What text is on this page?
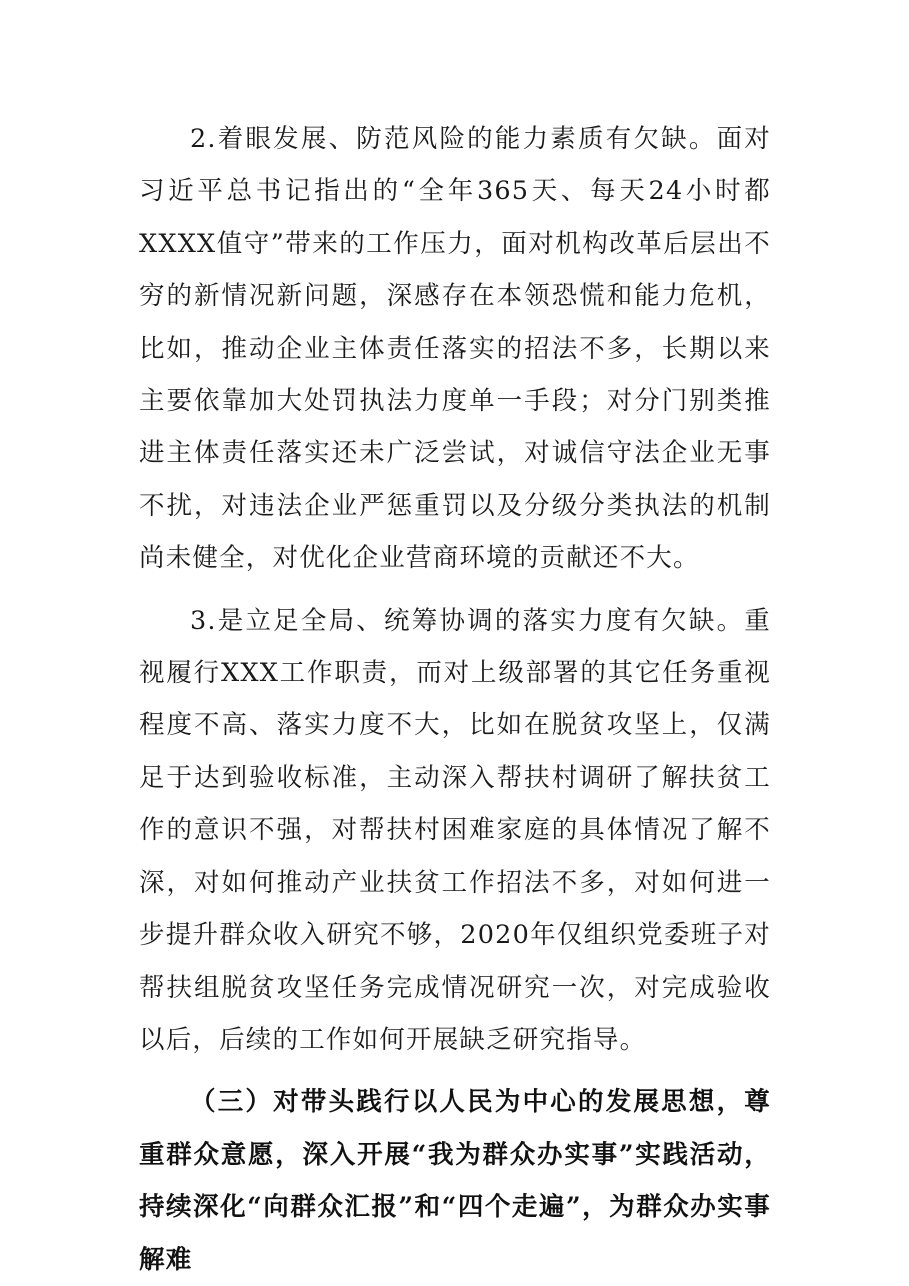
2.着眼发展、防范风险的能力素质有欠缺。面对习近平总书记指出的“全年365天、每天24小时都XXXX值守”带来的工作压力，面对机构改革后层出不穷的新情况新问题，深感存在本领恐慌和能力危机，比如，推动企业主体责任落实的招法不多，长期以来主要依靠加大处罚执法力度单一手段；对分门别类推进主体责任落实还未广泛尝试，对诚信守法企业无事不扰，对违法企业严惩重罚以及分级分类执法的机制尚未健全，对优化企业营商环境的贡献还不大。

3.是立足全局、统筹协调的落实力度有欠缺。重视履行XXX工作职责，而对上级部署的其它任务重视程度不高、落实力度不大，比如在脱贫攻坚上，仅满足于达到验收标准，主动深入帮扶村调研了解扶贫工作的意识不强，对帮扶村困难家庭的具体情况了解不深，对如何推动产业扶贫工作招法不多，对如何进一步提升群众收入研究不够，2020年仅组织党委班子对帮扶组脱贫攻坚任务完成情况研究一次，对完成验收以后，后续的工作如何开展缺乏研究指导。

（三）对带头践行以人民为中心的发展思想，尊重群众意愿，深入开展“我为群众办实事”实践活动，持续深化“向群众汇报”和“四个走遍”，为群众办实事解难
